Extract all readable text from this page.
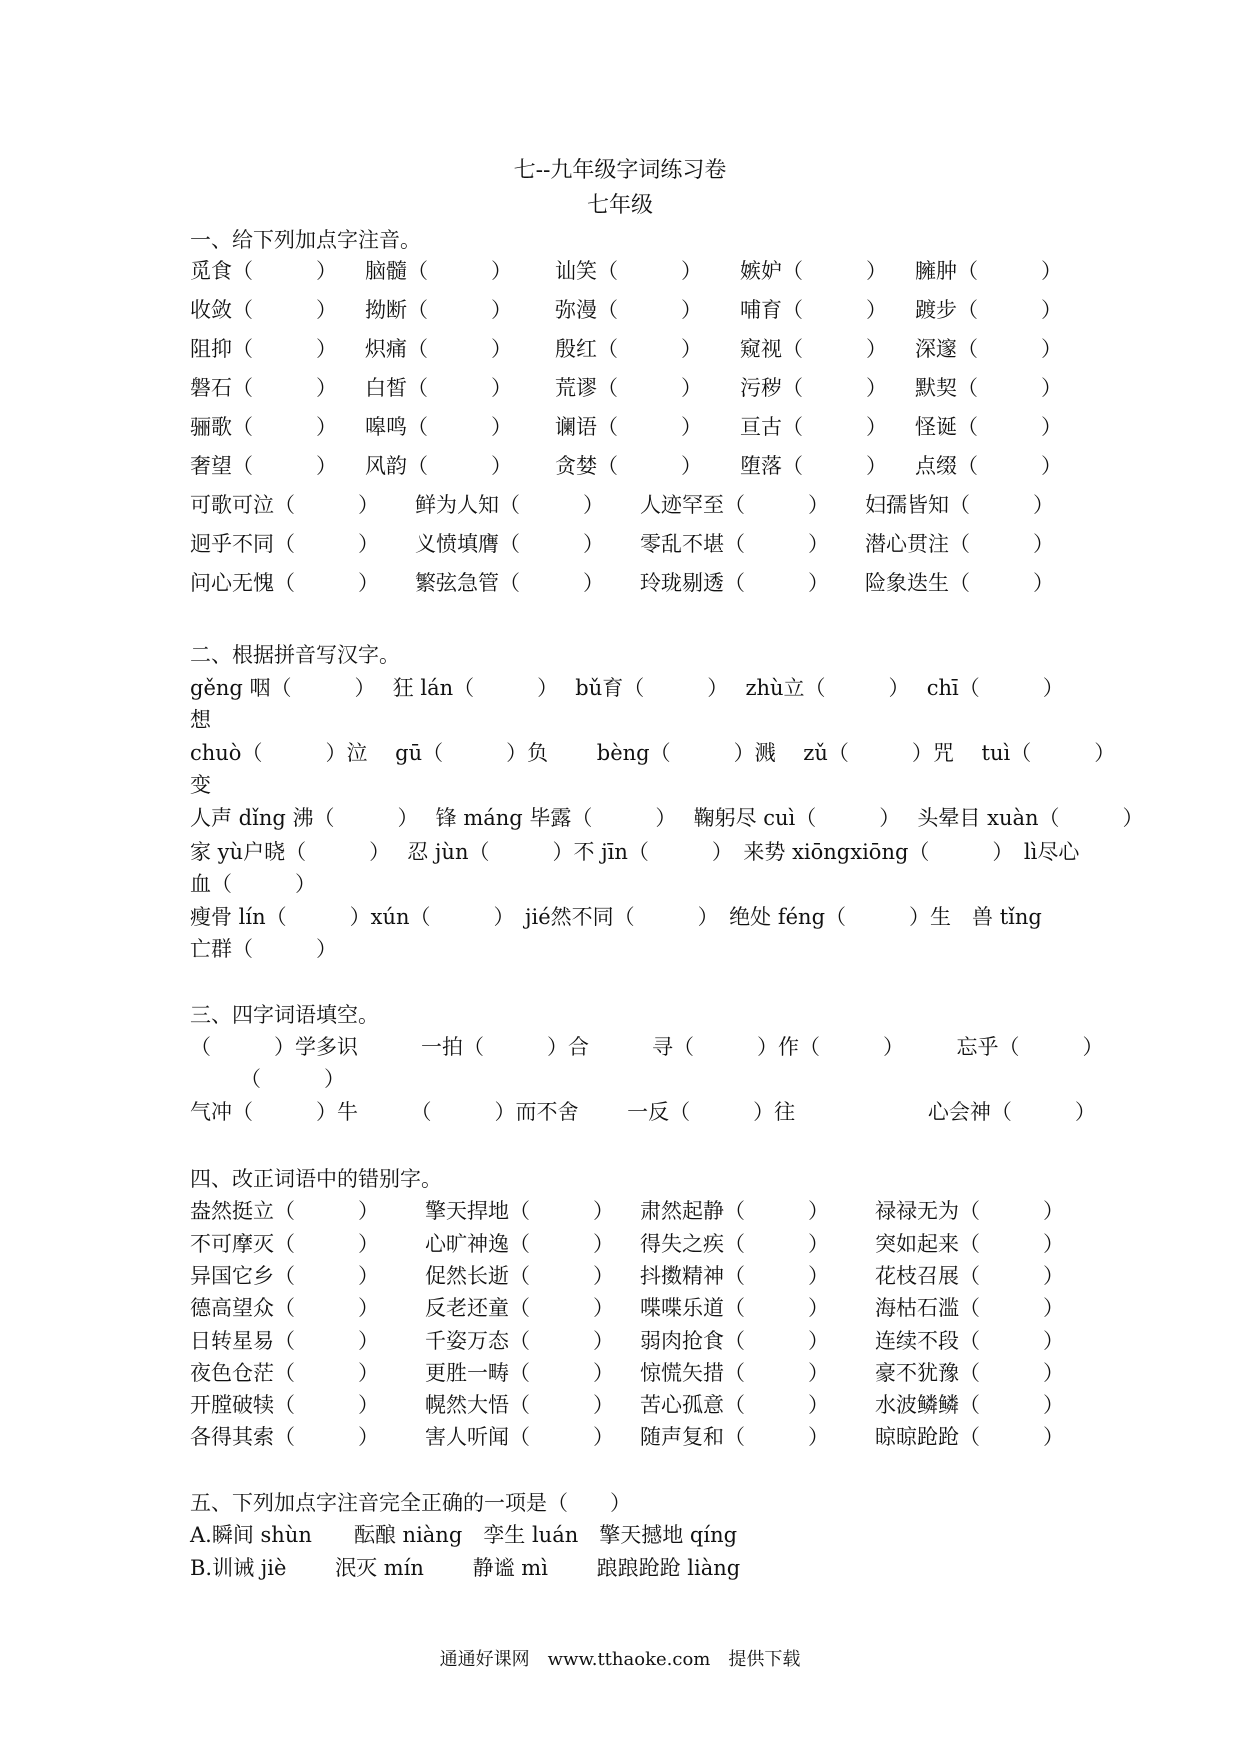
七--九年级字词练习卷
七年级
一、给下列加点字注音。
觅食（　　　） 脑髓（　　　） 讪笑（　　　） 嫉妒（　　　） 臃肿（　　　）
收敛（　　　） 拗断（　　　） 弥漫（　　　） 哺育（　　　） 踱步（　　　）
阻抑（　　　） 炽痛（　　　） 殷红（　　　） 窥视（　　　） 深邃（　　　）
磐石（　　　） 白皙（　　　） 荒谬（　　　） 污秽（　　　） 默契（　　　）
骊歌（　　　） 嗥鸣（　　　） 谰语（　　　） 亘古（　　　） 怪诞（　　　）
奢望（　　　） 风韵（　　　） 贪婪（　　　） 堕落（　　　） 点缀（　　　）
可歌可泣（　　　） 鲜为人知（　　　） 人迹罕至（　　　） 妇孺皆知（　　　）
迥乎不同（　　　） 义愤填膺（　　　） 零乱不堪（　　　） 潜心贯注（　　　）
问心无愧（　　　） 繁弦急管（　　　） 玲珑剔透（　　　） 险象迭生（　　　）
二、根据拼音写汉字。
gěng 咽（　　　）　 狂 lán（　　　）　 bǔ育（　　　）　 zhù立（　　　）　 chī（　　　）
想
chuò（　　　）泣　 gū（　　　）负　　 bèng（　　　）溅　 zǔ（　　　）咒　 tuì（　　　）
变
人声 dǐng 沸（　　　）　 锋 máng 毕露（　　　）　 鞠躬尽 cuì（　　　）　 头晕目 xuàn（　　　）
家 yù户晓（　　　）　 忍 jùn（　　　）不 jīn（　　　）　来势 xiōngxiōng（　　　）　lì尽心
血（　　　）
瘦骨 lín（　　　）xún（　　　）　jié然不同（　　　）　绝处 féng（　　　）生　兽 tǐng
亡群（　　　）
三、四字词语填空。
（　　　）学多识　　　一拍（　　　）合　　　寻（　　　）作（　　　）　　　忘乎（　　　）
（　　　）
气冲（　　　）牛　　　（　　　）而不舍　　 一反（　　　）往　　　　　　 心会神（　　　）
四、改正词语中的错别字。
盎然挺立（　　　） 擎天捍地（　　　） 肃然起静（　　　） 禄禄无为（　　　）
不可摩灭（　　　） 心旷神逸（　　　） 得失之疾（　　　） 突如起来（　　　）
异国它乡（　　　） 促然长逝（　　　） 抖擞精神（　　　） 花枝召展（　　　）
德高望众（　　　） 反老还童（　　　） 喋喋乐道（　　　） 海枯石滥（　　　）
日转星易（　　　） 千姿万态（　　　） 弱肉抢食（　　　） 连续不段（　　　）
夜色仓茫（　　　） 更胜一畴（　　　） 惊慌矢措（　　　） 豪不犹豫（　　　）
开膛破犊（　　　） 幌然大悟（　　　） 苦心孤意（　　　） 水波鳞鳞（　　　）
各得其索（　　　） 害人听闻（　　　） 随声复和（　　　） 晾晾跄跄（　　　）
五、下列加点字注音完全正确的一项是（　　）
A.瞬间 shùn　　酝酿 niàng　孪生 luán　擎天撼地 qíng
B.训诫 jiè　　 泯灭 mín　　 静谧 mì　　 踉踉跄跄 liàng
通通好课网　www.tthaoke.com　提供下载
